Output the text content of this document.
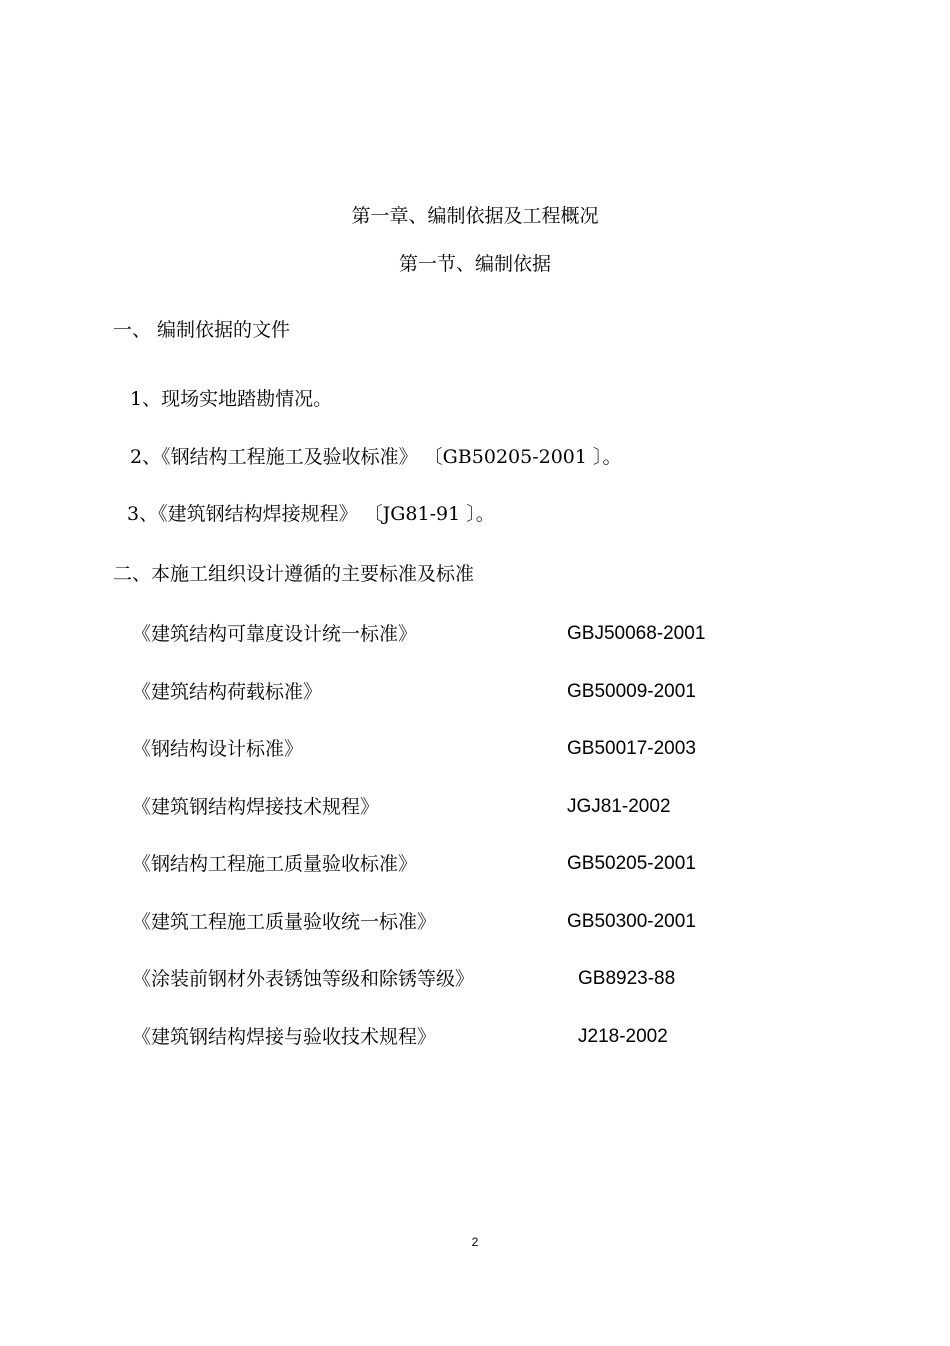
第一章、编制依据及工程概况
第一节、编制依据
一、 编制依据的文件
1、现场实地踏勘情况。
2、《钢结构工程施工及验收标准》 〔GB50205-2001 〕。
3、《建筑钢结构焊接规程》 〔JG81-91 〕。
二、本施工组织设计遵循的主要标准及标准
《建筑结构可靠度设计统一标准》	GBJ50068-2001
《建筑结构荷载标准》	GB50009-2001
《钢结构设计标准》	GB50017-2003
《建筑钢结构焊接技术规程》	JGJ81-2002
《钢结构工程施工质量验收标准》	GB50205-2001
《建筑工程施工质量验收统一标准》	GB50300-2001
《涂装前钢材外表锈蚀等级和除锈等级》	GB8923-88
《建筑钢结构焊接与验收技术规程》	J218-2002
2
